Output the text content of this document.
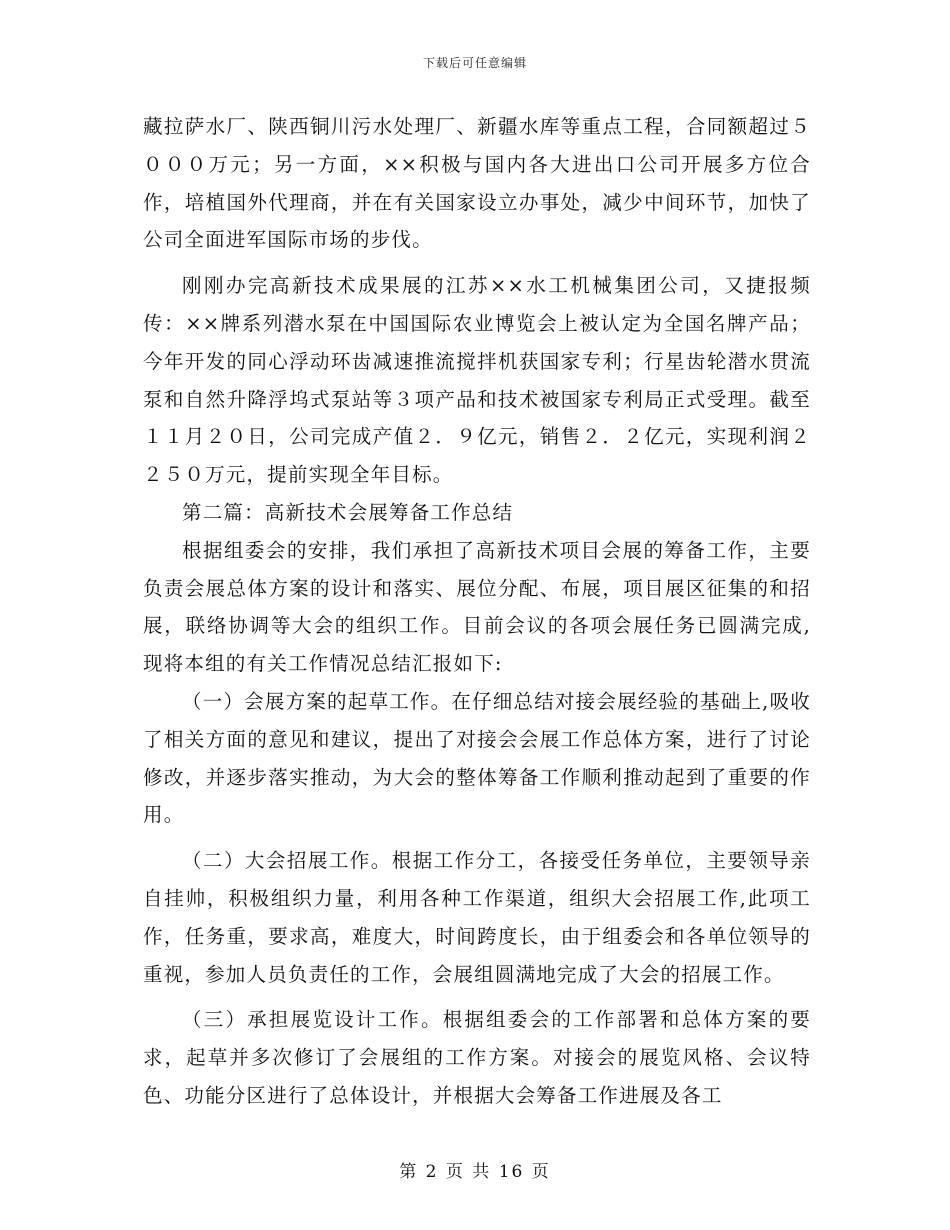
下载后可任意编辑

藏拉萨水厂、陕西铜川污水处理厂、新疆水库等重点工程，合同额超过５０００万元；另一方面，××积极与国内各大进出口公司开展多方位合作，培植国外代理商，并在有关国家设立办事处，减少中间环节，加快了公司全面进军国际市场的步伐。

刚刚办完高新技术成果展的江苏××水工机械集团公司，又捷报频传：××牌系列潜水泵在中国国际农业博览会上被认定为全国名牌产品；今年开发的同心浮动环齿减速推流搅拌机获国家专利；行星齿轮潜水贯流泵和自然升降浮坞式泵站等３项产品和技术被国家专利局正式受理。截至１１月２０日，公司完成产值２．９亿元，销售２．２亿元，实现利润２２５０万元，提前实现全年目标。

第二篇：高新技术会展筹备工作总结

根据组委会的安排，我们承担了高新技术项目会展的筹备工作，主要负责会展总体方案的设计和落实、展位分配、布展，项目展区征集的和招展，联络协调等大会的组织工作。目前会议的各项会展任务已圆满完成,现将本组的有关工作情况总结汇报如下:

（一）会展方案的起草工作。在仔细总结对接会展经验的基础上,吸收了相关方面的意见和建议，提出了对接会会展工作总体方案，进行了讨论修改，并逐步落实推动，为大会的整体筹备工作顺利推动起到了重要的作用。

（二）大会招展工作。根据工作分工，各接受任务单位，主要领导亲自挂帅，积极组织力量，利用各种工作渠道，组织大会招展工作,此项工作，任务重，要求高，难度大，时间跨度长，由于组委会和各单位领导的重视，参加人员负责任的工作，会展组圆满地完成了大会的招展工作。

（三）承担展览设计工作。根据组委会的工作部署和总体方案的要求，起草并多次修订了会展组的工作方案。对接会的展览风格、会议特色、功能分区进行了总体设计，并根据大会筹备工作进展及各工

第 2 页 共 16 页
